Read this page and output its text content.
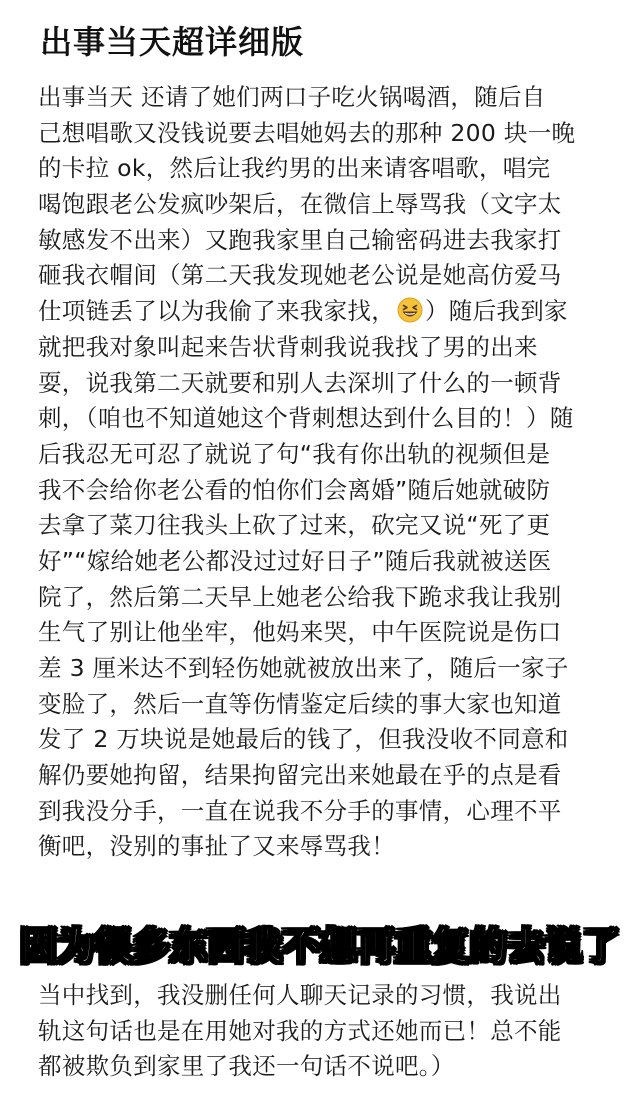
出事当天超详细版
出事当天 还请了她们两口子吃火锅喝酒，随后自
己想唱歌又没钱说要去唱她妈去的那种 200 块一晚
的卡拉 ok，然后让我约男的出来请客唱歌，唱完
喝饱跟老公发疯吵架后，在微信上辱骂我（文字太
敏感发不出来）又跑我家里自己输密码进去我家打
砸我衣帽间（第二天我发现她老公说是她高仿爱马
仕项链丢了以为我偷了来我家找， ）随后我到家
就把我对象叫起来告状背刺我说我找了男的出来
耍，说我第二天就要和别人去深圳了什么的一顿背
刺，（咱也不知道她这个背刺想达到什么目的！）随
后我忍无可忍了就说了句“我有你出轨的视频但是
我不会给你老公看的怕你们会离婚”随后她就破防
去拿了菜刀往我头上砍了过来，砍完又说“死了更
好”“嫁给她老公都没过过好日子”随后我就被送医
院了，然后第二天早上她老公给我下跪求我让我别
生气了别让他坐牢，他妈来哭，中午医院说是伤口
差 3 厘米达不到轻伤她就被放出来了，随后一家子
变脸了，然后一直等伤情鉴定后续的事大家也知道
发了 2 万块说是她最后的钱了，但我没收不同意和
解仍要她拘留，结果拘留完出来她最在乎的点是看
到我没分手，一直在说我不分手的事情，心理不平
衡吧，没别的事扯了又来辱骂我！
因为很多东西我不想再重复的去说了
当中找到，我没删任何人聊天记录的习惯，我说出
轨这句话也是在用她对我的方式还她而已！总不能
都被欺负到家里了我还一句话不说吧。）
